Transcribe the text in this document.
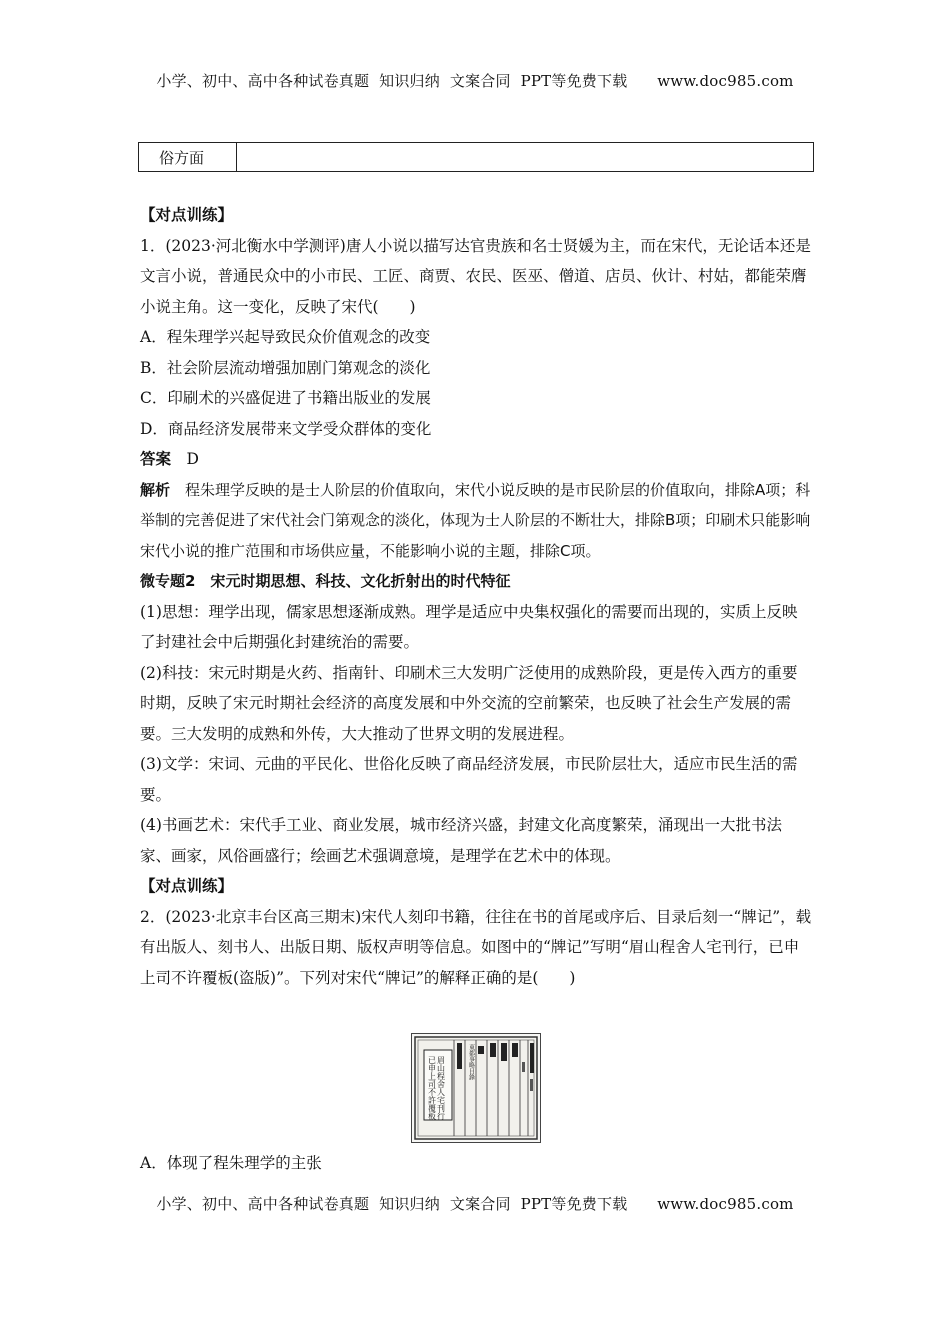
小学、初中、高中各种试卷真题  知识归纳  文案合同  PPT等免费下载      www.doc985.com
俗方面	

【对点训练】

1．(2023·河北衡水中学测评)唐人小说以描写达官贵族和名士贤媛为主，而在宋代，无论话本还是文言小说，普通民众中的小市民、工匠、商贾、农民、医巫、僧道、店员、伙计、村姑，都能荣膺小说主角。这一变化，反映了宋代(　　)

A．程朱理学兴起导致民众价值观念的改变

B．社会阶层流动增强加剧门第观念的淡化

C．印刷术的兴盛促进了书籍出版业的发展

D．商品经济发展带来文学受众群体的变化

答案　 D

解析　 程朱理学反映的是士人阶层的价值取向，宋代小说反映的是市民阶层的价值取向，排除A项；科举制的完善促进了宋代社会门第观念的淡化，体现为士人阶层的不断壮大，排除B项；印刷术只能影响宋代小说的推广范围和市场供应量，不能影响小说的主题，排除C项。

微专题2　宋元时期思想、科技、文化折射出的时代特征

(1)思想：理学出现，儒家思想逐渐成熟。理学是适应中央集权强化的需要而出现的，实质上反映了封建社会中后期强化封建统治的需要。

(2)科技：宋元时期是火药、指南针、印刷术三大发明广泛使用的成熟阶段，更是传入西方的重要时期，反映了宋元时期社会经济的高度发展和中外交流的空前繁荣，也反映了社会生产发展的需要。三大发明的成熟和外传，大大推动了世界文明的发展进程。

(3)文学：宋词、元曲的平民化、世俗化反映了商品经济发展，市民阶层壮大，适应市民生活的需要。

(4)书画艺术：宋代手工业、商业发展，城市经济兴盛，封建文化高度繁荣，涌现出一大批书法家、画家，风俗画盛行；绘画艺术强调意境，是理学在艺术中的体现。

【对点训练】

2．(2023·北京丰台区高三期末)宋代人刻印书籍，往往在书的首尾或序后、目录后刻一“牌记”，载有出版人、刻书人、出版日期、版权声明等信息。如图中的“牌记”写明“眉山程舍人宅刊行，已申上司不许覆板(盗版)”。下列对宋代“牌记”的解释正确的是(　　)

眉山程舍人宅刊行
已申上司不許覆板	東都事略目錄
A．体现了程朱理学的主张
小学、初中、高中各种试卷真题  知识归纳  文案合同  PPT等免费下载      www.doc985.com
